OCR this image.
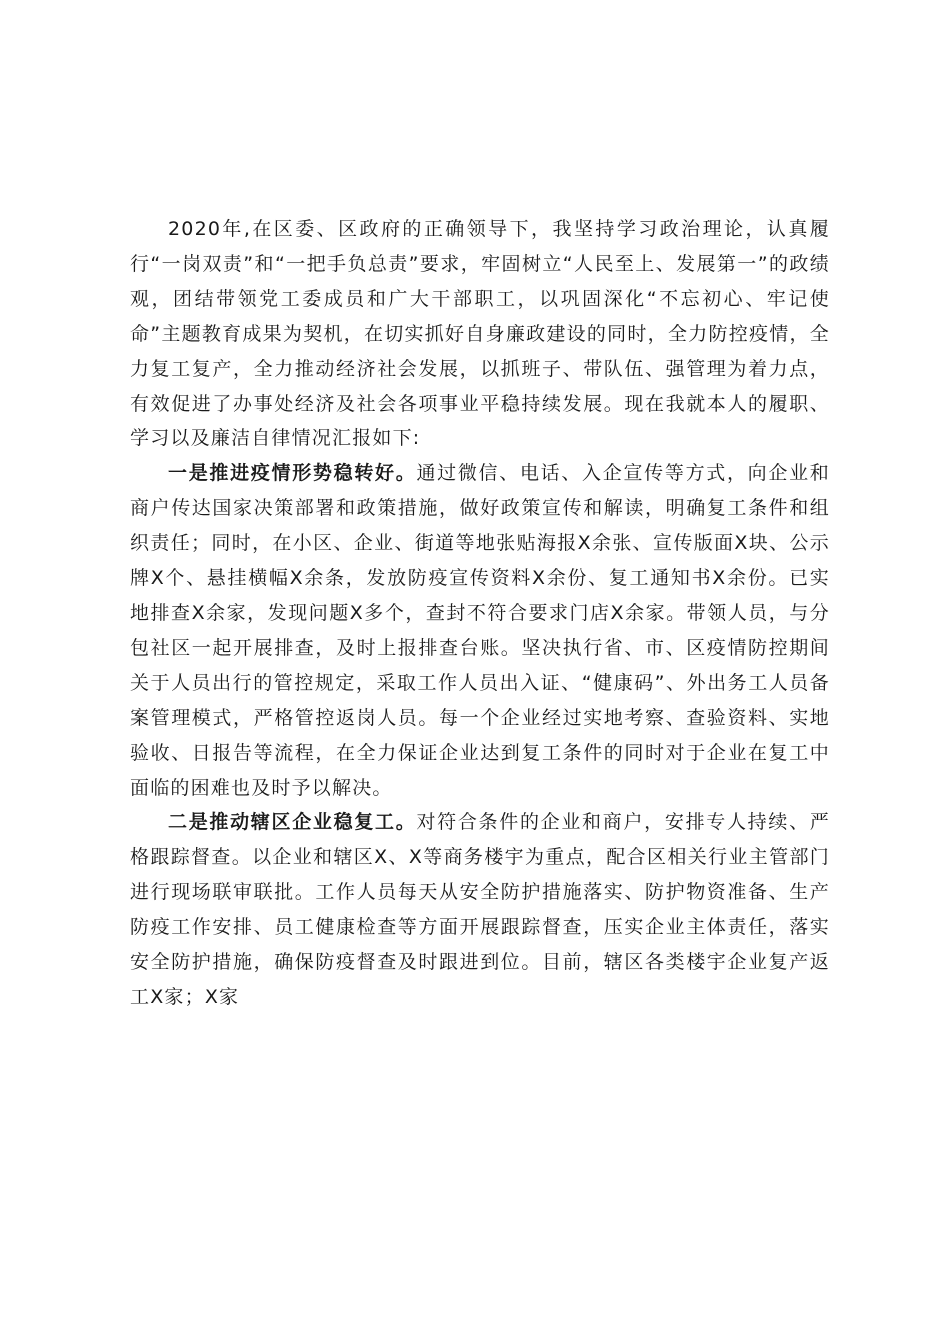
2020年,在区委、区政府的正确领导下，我坚持学习政治理论，认真履行“一岗双责”和“一把手负总责”要求，牢固树立“人民至上、发展第一”的政绩观，团结带领党工委成员和广大干部职工，以巩固深化“不忘初心、牢记使命”主题教育成果为契机，在切实抓好自身廉政建设的同时，全力防控疫情，全力复工复产，全力推动经济社会发展，以抓班子、带队伍、强管理为着力点，有效促进了办事处经济及社会各项事业平稳持续发展。现在我就本人的履职、学习以及廉洁自律情况汇报如下:

一是推进疫情形势稳转好。通过微信、电话、入企宣传等方式，向企业和商户传达国家决策部署和政策措施，做好政策宣传和解读，明确复工条件和组织责任；同时，在小区、企业、街道等地张贴海报X余张、宣传版面X块、公示牌X个、悬挂横幅X余条，发放防疫宣传资料X余份、复工通知书X余份。已实地排查X余家，发现问题X多个，查封不符合要求门店X余家。带领人员，与分包社区一起开展排查，及时上报排查台账。坚决执行省、市、区疫情防控期间关于人员出行的管控规定，采取工作人员出入证、“健康码”、外出务工人员备案管理模式，严格管控返岗人员。每一个企业经过实地考察、查验资料、实地验收、日报告等流程，在全力保证企业达到复工条件的同时对于企业在复工中面临的困难也及时予以解决。

二是推动辖区企业稳复工。对符合条件的企业和商户，安排专人持续、严格跟踪督查。以企业和辖区X、X等商务楼宇为重点，配合区相关行业主管部门进行现场联审联批。工作人员每天从安全防护措施落实、防护物资准备、生产防疫工作安排、员工健康检查等方面开展跟踪督查，压实企业主体责任，落实安全防护措施，确保防疫督查及时跟进到位。目前，辖区各类楼宇企业复产返工X家；X家
